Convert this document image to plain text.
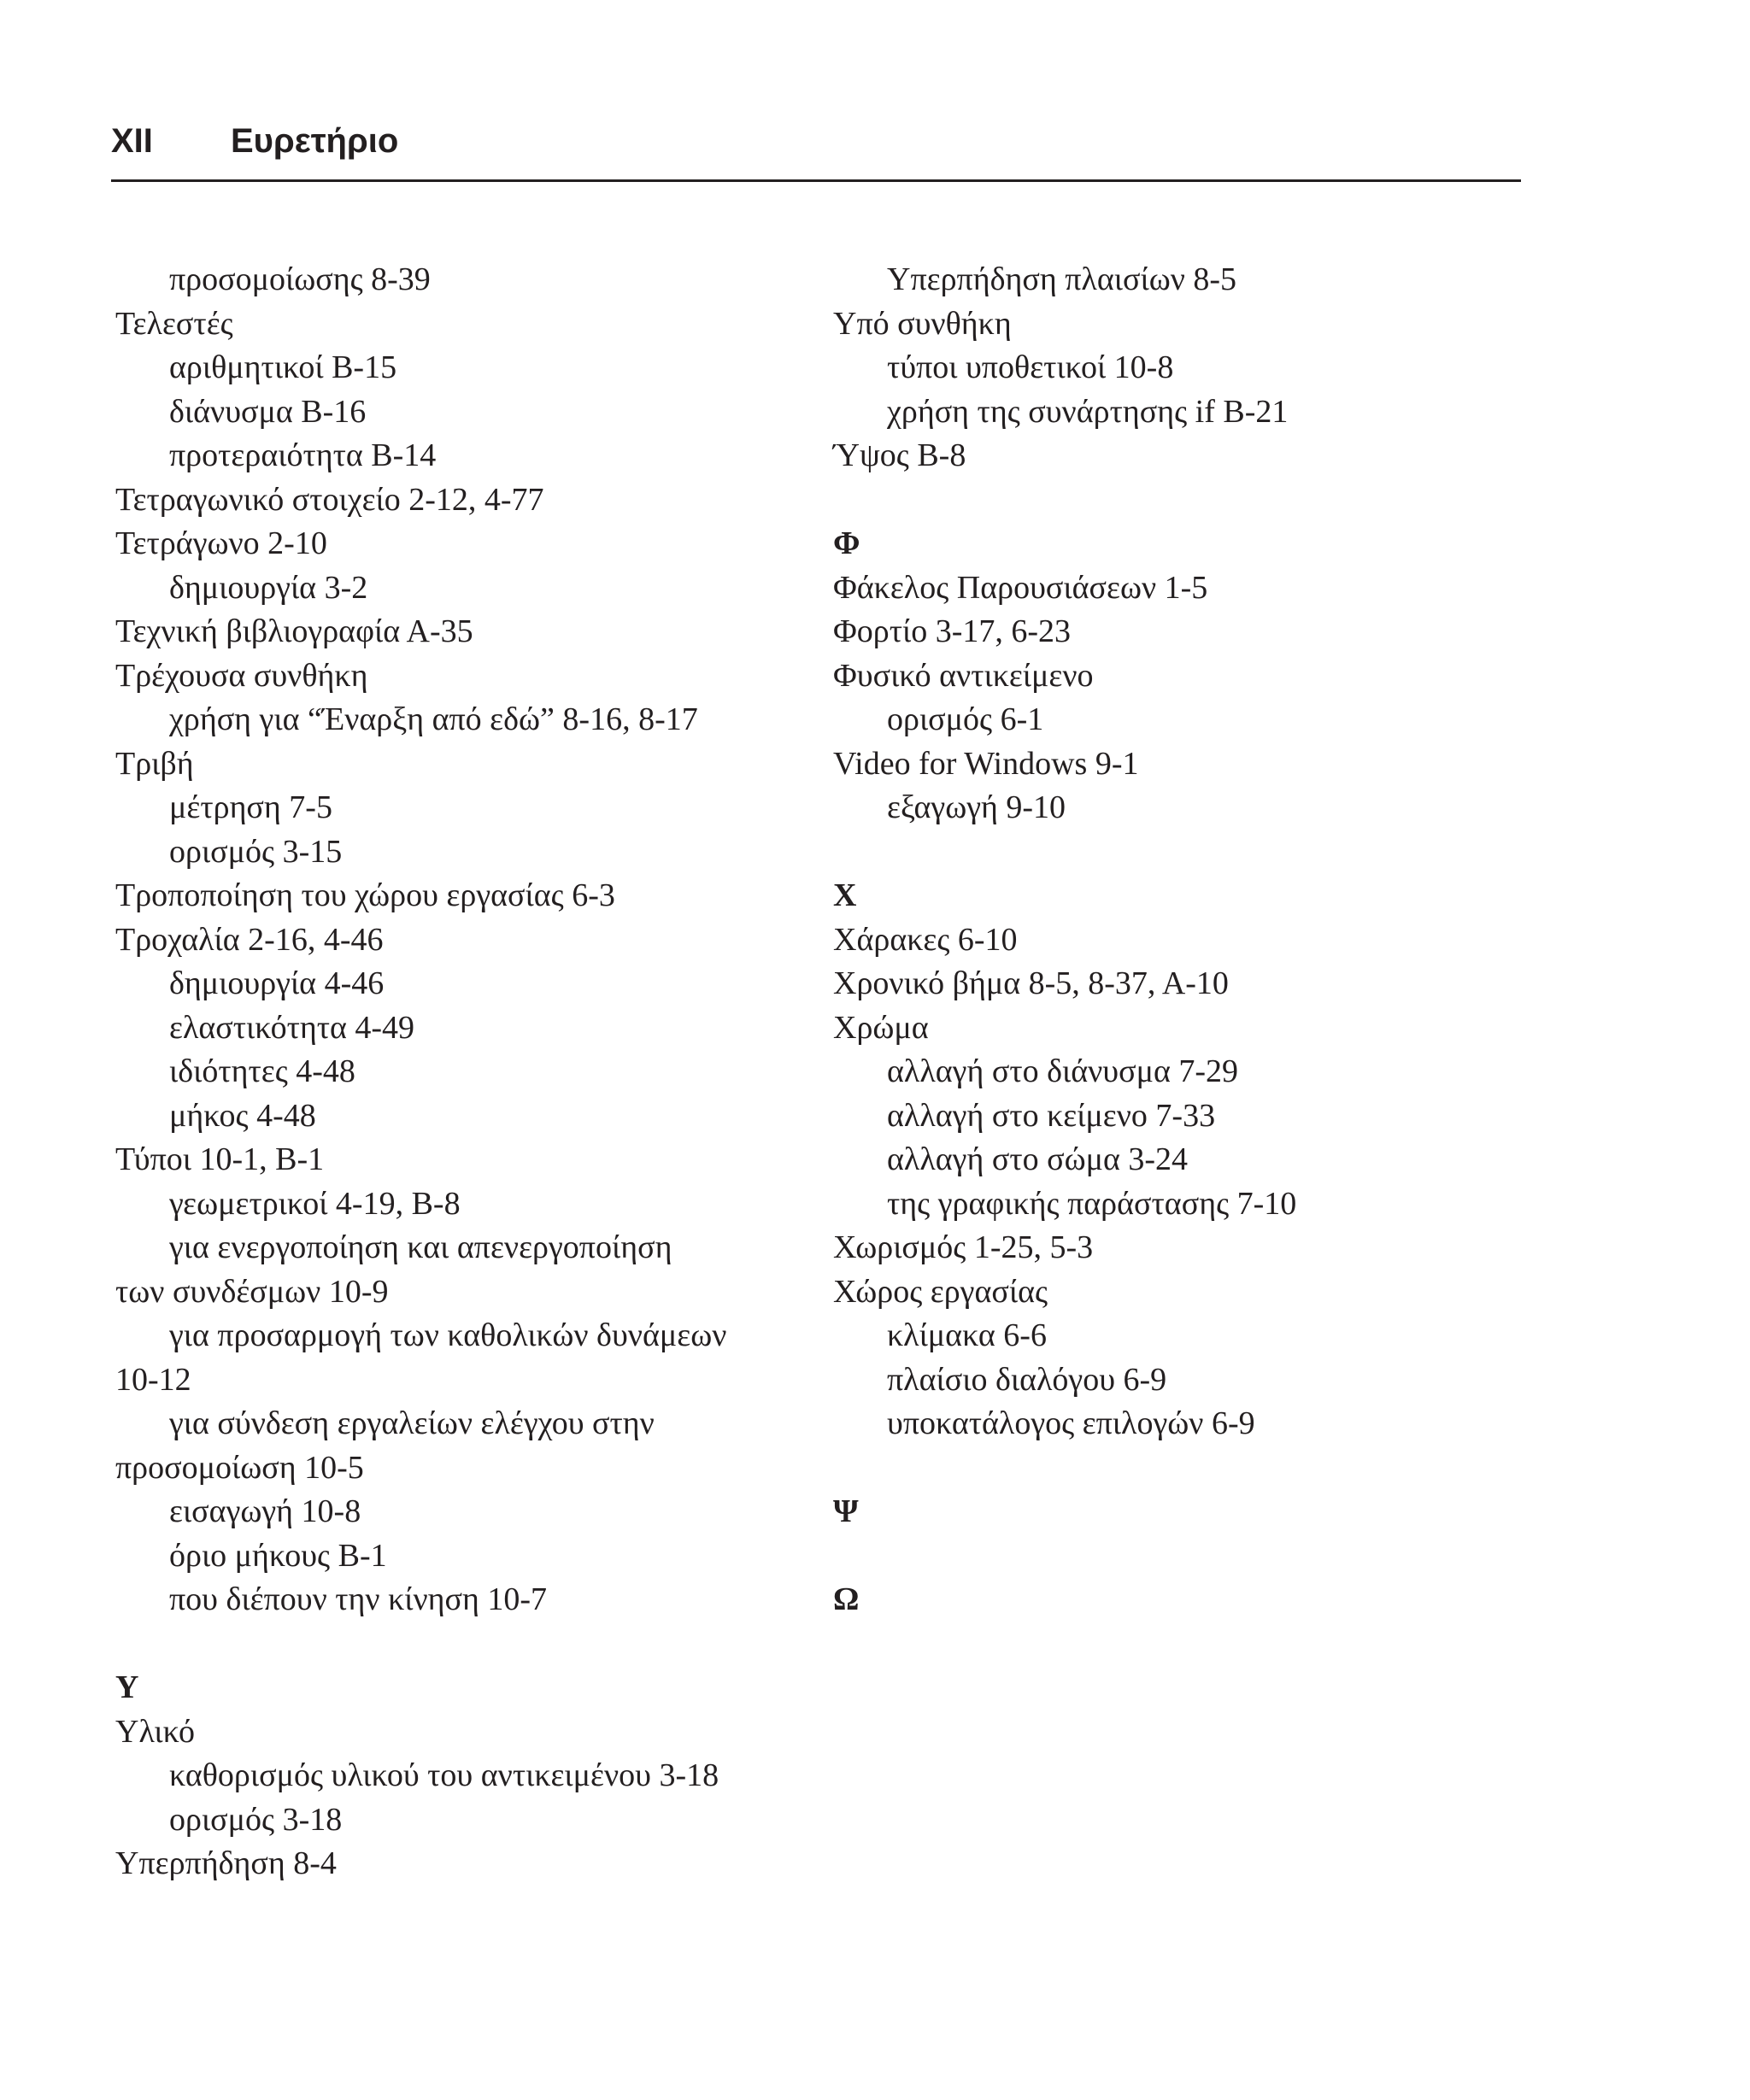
XII Ευρετήριο
προσομοίωσης 8-39
Τελεστές
αριθμητικοί Β-15
διάνυσμα Β-16
προτεραιότητα Β-14
Τετραγωνικό στοιχείο 2-12, 4-77
Τετράγωνο 2-10
δημιουργία 3-2
Τεχνική βιβλιογραφία Α-35
Τρέχουσα συνθήκη
χρήση για “Έναρξη από εδώ” 8-16, 8-17
Τριβή
μέτρηση 7-5
ορισμός 3-15
Τροποποίηση του χώρου εργασίας 6-3
Τροχαλία 2-16, 4-46
δημιουργία 4-46
ελαστικότητα 4-49
ιδιότητες 4-48
μήκος 4-48
Τύποι 10-1, Β-1
γεωμετρικοί 4-19, Β-8
για ενεργοποίηση και απενεργοποίηση
των συνδέσμων 10-9
για προσαρμογή των καθολικών δυνάμεων
10-12
για σύνδεση εργαλείων ελέγχου στην
προσομοίωση 10-5
εισαγωγή 10-8
όριο μήκους Β-1
που διέπουν την κίνηση 10-7
Υ
Υλικό
καθορισμός υλικού του αντικειμένου 3-18
ορισμός 3-18
Υπερπήδηση 8-4
Υπερπήδηση πλαισίων 8-5
Υπό συνθήκη
τύποι υποθετικοί 10-8
χρήση της συνάρτησης if Β-21
Ύψος Β-8
Φ
Φάκελος Παρουσιάσεων 1-5
Φορτίο 3-17, 6-23
Φυσικό αντικείμενο
ορισμός 6-1
Video for Windows 9-1
εξαγωγή 9-10
Χ
Χάρακες 6-10
Χρονικό βήμα 8-5, 8-37, Α-10
Χρώμα
αλλαγή στο διάνυσμα 7-29
αλλαγή στο κείμενο 7-33
αλλαγή στο σώμα 3-24
της γραφικής παράστασης 7-10
Χωρισμός 1-25, 5-3
Χώρος εργασίας
κλίμακα 6-6
πλαίσιο διαλόγου 6-9
υποκατάλογος επιλογών 6-9
Ψ
Ω
